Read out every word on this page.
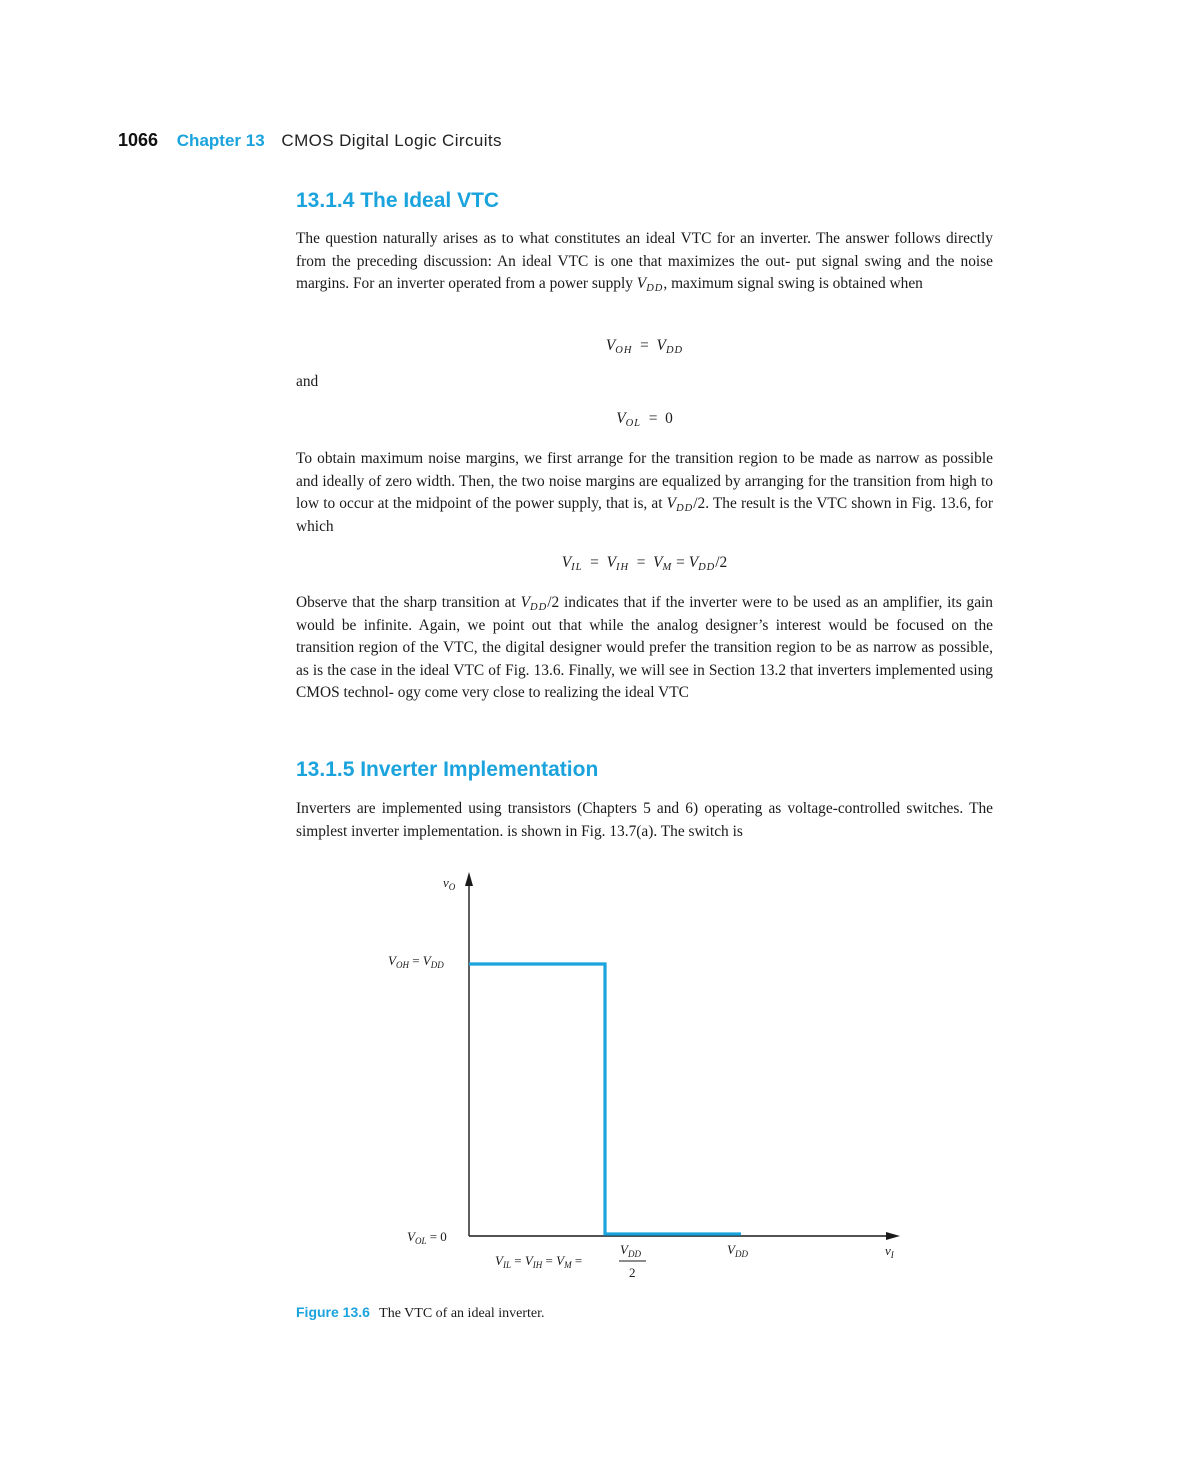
1066 Chapter 13 CMOS Digital Logic Circuits
13.1.4 The Ideal VTC
The question naturally arises as to what constitutes an ideal VTC for an inverter. The answer follows directly from the preceding discussion: An ideal VTC is one that maximizes the out- put signal swing and the noise margins. For an inverter operated from a power supply $V_{DD}$, maximum signal swing is obtained when
$V_{OH} = V_{DD}$
and
$V_{OL} = 0$
To obtain maximum noise margins, we first arrange for the transition region to be made as narrow as possible and ideally of zero width. Then, the two noise margins are equalized by arranging for the transition from high to low to occur at the midpoint of the power supply, that is, at $V_{DD}/2$. The result is the VTC shown in Fig. 13.6, for which
$V_{IL} = V_{IH} = V_M = V_{DD}/2$
Observe that the sharp transition at $V_{DD}/2$ indicates that if the inverter were to be used as an amplifier, its gain would be infinite. Again, we point out that while the analog designer’s interest would be focused on the transition region of the VTC, the digital designer would prefer the transition region to be as narrow as possible, as is the case in the ideal VTC of Fig. 13.6. Finally, we will see in Section 13.2 that inverters implemented using CMOS technol- ogy come very close to realizing the ideal VTC
13.1.5 Inverter Implementation
Inverters are implemented using transistors (Chapters 5 and 6) operating as voltage-controlled switches. The simplest inverter implementation. is shown in Fig. 13.7(a). The switch is
$v_O$
$v_I$
$V_{OH} = V_{DD}$
$V_{OL} = 0$
$V_{IL} = V_{IH} = V_M$ =
$V_{DD}$
2
$V_{DD}$
Figure 13.6 The VTC of an ideal inverter.
